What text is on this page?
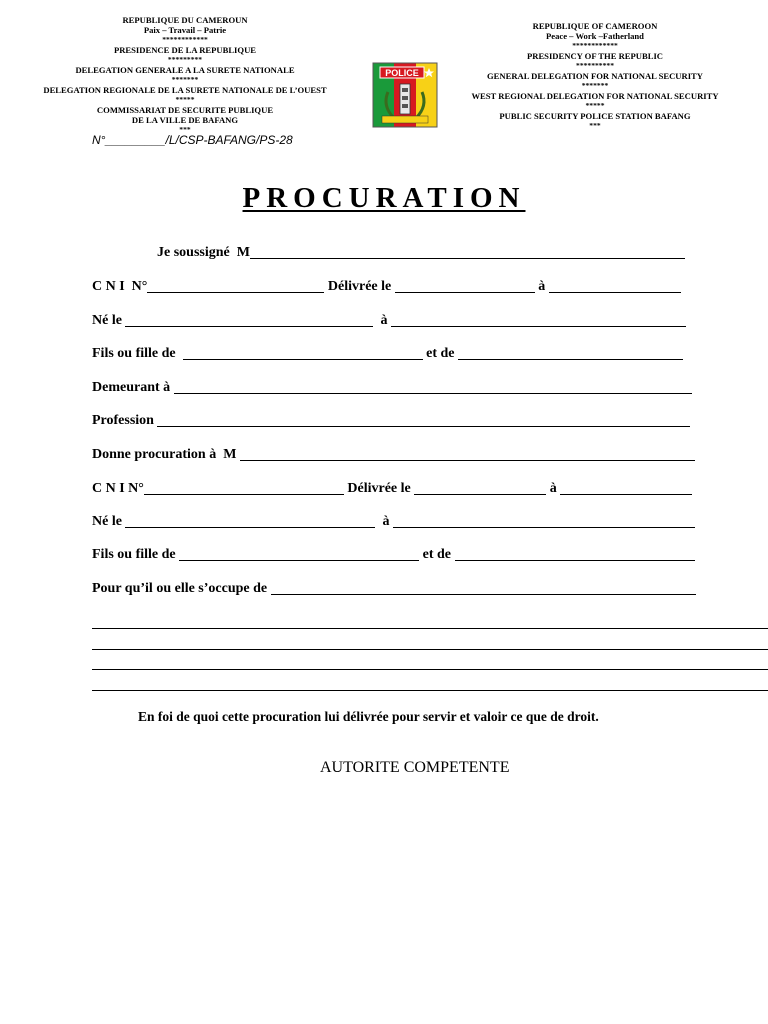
REPUBLIQUE DU CAMEROUN
Paix – Travail – Patrie
************
PRESIDENCE DE LA REPUBLIQUE
*********
DELEGATION GENERALE A LA SURETE NATIONALE
*******
DELEGATION REGIONALE DE LA SURETE NATIONALE DE L’OUEST
*****
COMMISSARIAT DE SECURITE PUBLIQUE
DE LA VILLE DE BAFANG
***
REPUBLIQUE OF CAMEROON
Peace – Work –Fatherland
************
PRESIDENCY OF THE REPUBLIC
**********
GENERAL DELEGATION FOR NATIONAL SECURITY
*******
WEST REGIONAL DELEGATION FOR NATIONAL SECURITY
*****
PUBLIC SECURITY POLICE STATION BAFANG
***
N°_________/L/CSP-BAFANG/PS-28
POLICE
PROCURATION
Je soussigné  M
C N I  N°	Délivrée le	à
Né le	à
Fils ou fille de	et de
Demeurant à
Profession
Donne procuration à  M
C N I N°	Délivrée le	à
Né le	à
Fils ou fille de	et de
Pour qu’il ou elle s’occupe de
En foi de quoi cette procuration lui délivrée pour servir et valoir ce que de droit.
AUTORITE COMPETENTE
